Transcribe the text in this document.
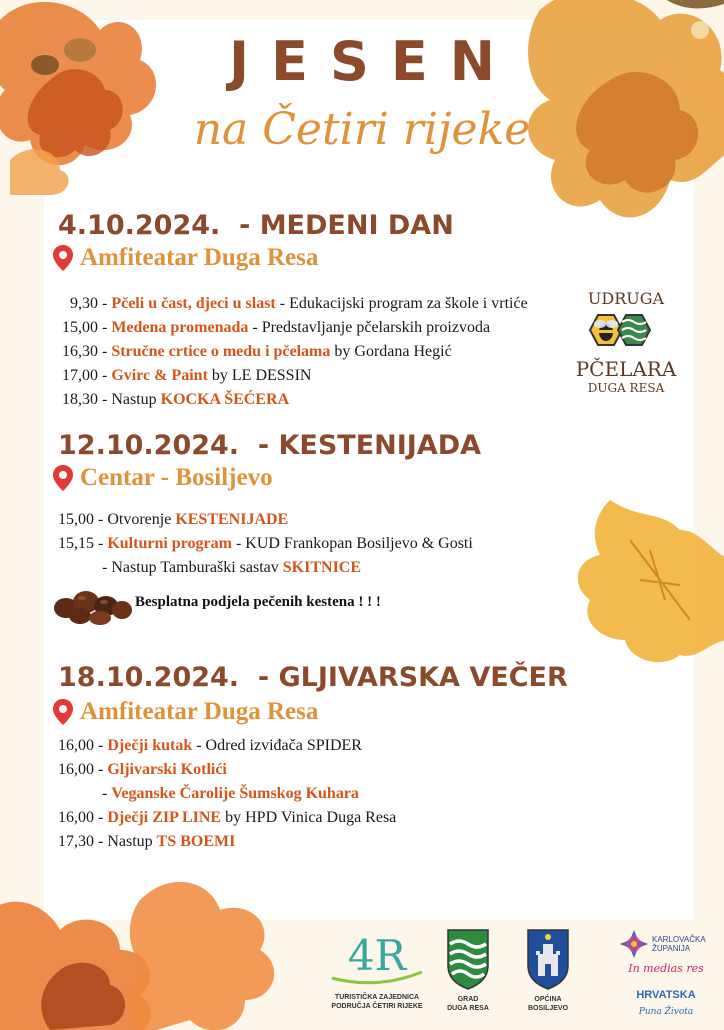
JESEN
na Četiri rijeke
4.10.2024.  - MEDENI DAN
Amfiteatar Duga Resa
9,30 - Pčeli u čast, djeci u slast - Edukacijski program za škole i vrtiće
15,00 - Medena promenada - Predstavljanje pčelarskih proizvoda
16,30 - Stručne crtice o medu i pčelama by Gordana Hegić
17,00 - Gvirc & Paint by LE DESSIN
18,30 - Nastup KOCKA ŠEĆERA
UDRUGA
PČELARA
DUGA RESA
12.10.2024.  - KESTENIJADA
Centar - Bosiljevo
15,00 - Otvorenje KESTENIJADE
15,15 - Kulturni program - KUD Frankopan Bosiljevo & Gosti
- Nastup Tamburaški sastav SKITNICE
Besplatna podjela pečenih kestena ! ! !
18.10.2024.  - GLJIVARSKA VEČER
Amfiteatar Duga Resa
16,00 - Dječji kutak - Odred izviđača SPIDER
16,00 - Gljivarski Kotlići
- Veganske Čarolije Šumskog Kuhara
16,00 - Dječji ZIP LINE by HPD Vinica Duga Resa
17,30 - Nastup TS BOEMI
4R
TURISTIČKA ZAJEDNICA
PODRUČJA ČETIRI RIJEKE
GRAD
DUGA RESA
OPĆINA
BOSILJEVO
KARLOVAČKA
ŽUPANIJA
In medias res
HRVATSKA
Puna Života
